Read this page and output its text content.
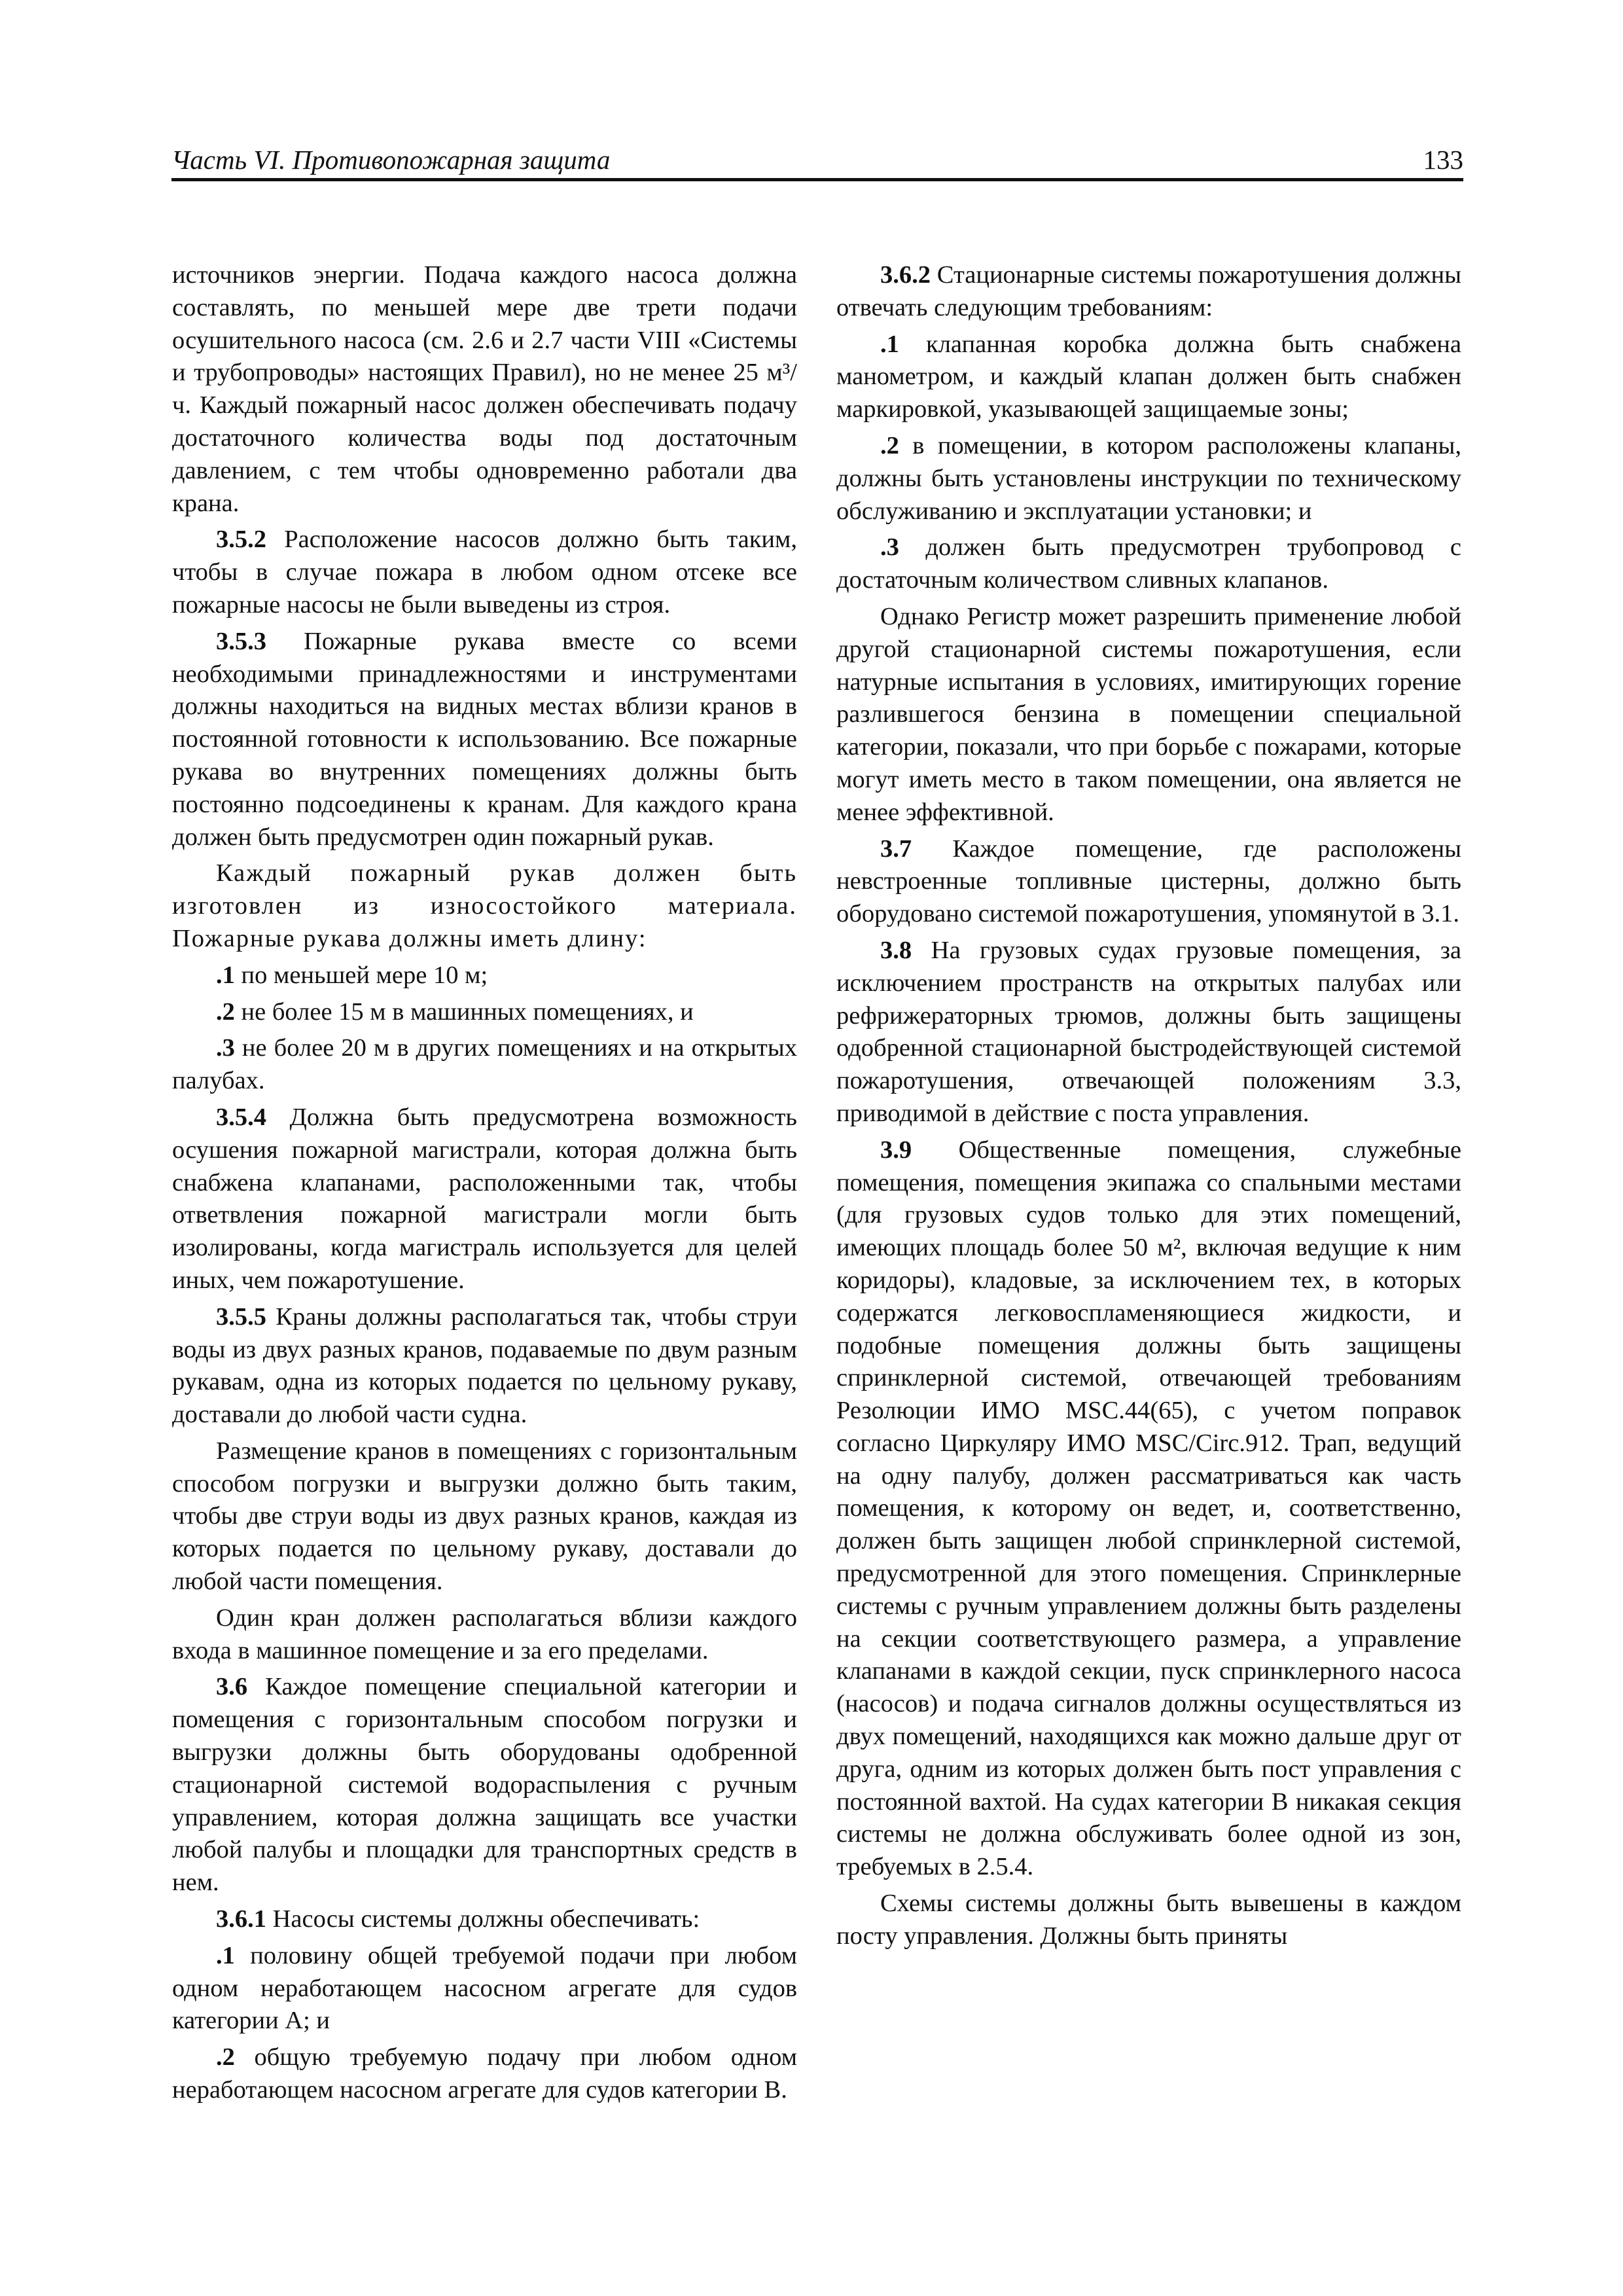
Часть VI. Противопожарная защита	133

источников энергии. Подача каждого насоса должна составлять, по меньшей мере две трети подачи осушительного насоса (см. 2.6 и 2.7 части VIII «Системы и трубопроводы» настоящих Правил), но не менее 25 м³/ч. Каждый пожарный насос должен обеспечивать подачу достаточного количества воды под достаточным давлением, с тем чтобы одновременно работали два крана.

3.5.2 Расположение насосов должно быть таким, чтобы в случае пожара в любом одном отсеке все пожарные насосы не были выведены из строя.

3.5.3 Пожарные рукава вместе со всеми необходимыми принадлежностями и инструментами должны находиться на видных местах вблизи кранов в постоянной готовности к использованию. Все пожарные рукава во внутренних помещениях должны быть постоянно подсоединены к кранам. Для каждого крана должен быть предусмотрен один пожарный рукав.

Каждый пожарный рукав должен быть изготовлен из износостойкого материала. Пожарные рукава должны иметь длину:

.1 по меньшей мере 10 м;

.2 не более 15 м в машинных помещениях, и

.3 не более 20 м в других помещениях и на открытых палубах.

3.5.4 Должна быть предусмотрена возможность осушения пожарной магистрали, которая должна быть снабжена клапанами, расположенными так, чтобы ответвления пожарной магистрали могли быть изолированы, когда магистраль используется для целей иных, чем пожаротушение.

3.5.5 Краны должны располагаться так, чтобы струи воды из двух разных кранов, подаваемые по двум разным рукавам, одна из которых подается по цельному рукаву, доставали до любой части судна.

Размещение кранов в помещениях с горизонтальным способом погрузки и выгрузки должно быть таким, чтобы две струи воды из двух разных кранов, каждая из которых подается по цельному рукаву, доставали до любой части помещения.

Один кран должен располагаться вблизи каждого входа в машинное помещение и за его пределами.

3.6 Каждое помещение специальной категории и помещения с горизонтальным способом погрузки и выгрузки должны быть оборудованы одобренной стационарной системой водораспыления с ручным управлением, которая должна защищать все участки любой палубы и площадки для транспортных средств в нем.

3.6.1 Насосы системы должны обеспечивать:

.1 половину общей требуемой подачи при любом одном неработающем насосном агрегате для судов категории А; и

.2 общую требуемую подачу при любом одном неработающем насосном агрегате для судов категории В.

3.6.2 Стационарные системы пожаротушения должны отвечать следующим требованиям:

.1 клапанная коробка должна быть снабжена манометром, и каждый клапан должен быть снабжен маркировкой, указывающей защищаемые зоны;

.2 в помещении, в котором расположены клапаны, должны быть установлены инструкции по техническому обслуживанию и эксплуатации установки; и

.3 должен быть предусмотрен трубопровод с достаточным количеством сливных клапанов.

Однако Регистр может разрешить применение любой другой стационарной системы пожаротушения, если натурные испытания в условиях, имитирующих горение разлившегося бензина в помещении специальной категории, показали, что при борьбе с пожарами, которые могут иметь место в таком помещении, она является не менее эффективной.

3.7 Каждое помещение, где расположены невстроенные топливные цистерны, должно быть оборудовано системой пожаротушения, упомянутой в 3.1.

3.8 На грузовых судах грузовые помещения, за исключением пространств на открытых палубах или рефрижераторных трюмов, должны быть защищены одобренной стационарной быстродействующей системой пожаротушения, отвечающей положениям 3.3, приводимой в действие с поста управления.

3.9 Общественные помещения, служебные помещения, помещения экипажа со спальными местами (для грузовых судов только для этих помещений, имеющих площадь более 50 м², включая ведущие к ним коридоры), кладовые, за исключением тех, в которых содержатся легковоспламеняющиеся жидкости, и подобные помещения должны быть защищены спринклерной системой, отвечающей требованиям Резолюции ИМО MSC.44(65), с учетом поправок согласно Циркуляру ИМО MSC/Circ.912. Трап, ведущий на одну палубу, должен рассматриваться как часть помещения, к которому он ведет, и, соответственно, должен быть защищен любой спринклерной системой, предусмотренной для этого помещения. Спринклерные системы с ручным управлением должны быть разделены на секции соответствующего размера, а управление клапанами в каждой секции, пуск спринклерного насоса (насосов) и подача сигналов должны осуществляться из двух помещений, находящихся как можно дальше друг от друга, одним из которых должен быть пост управления с постоянной вахтой. На судах категории В никакая секция системы не должна обслуживать более одной из зон, требуемых в 2.5.4.

Схемы системы должны быть вывешены в каждом посту управления. Должны быть приняты
